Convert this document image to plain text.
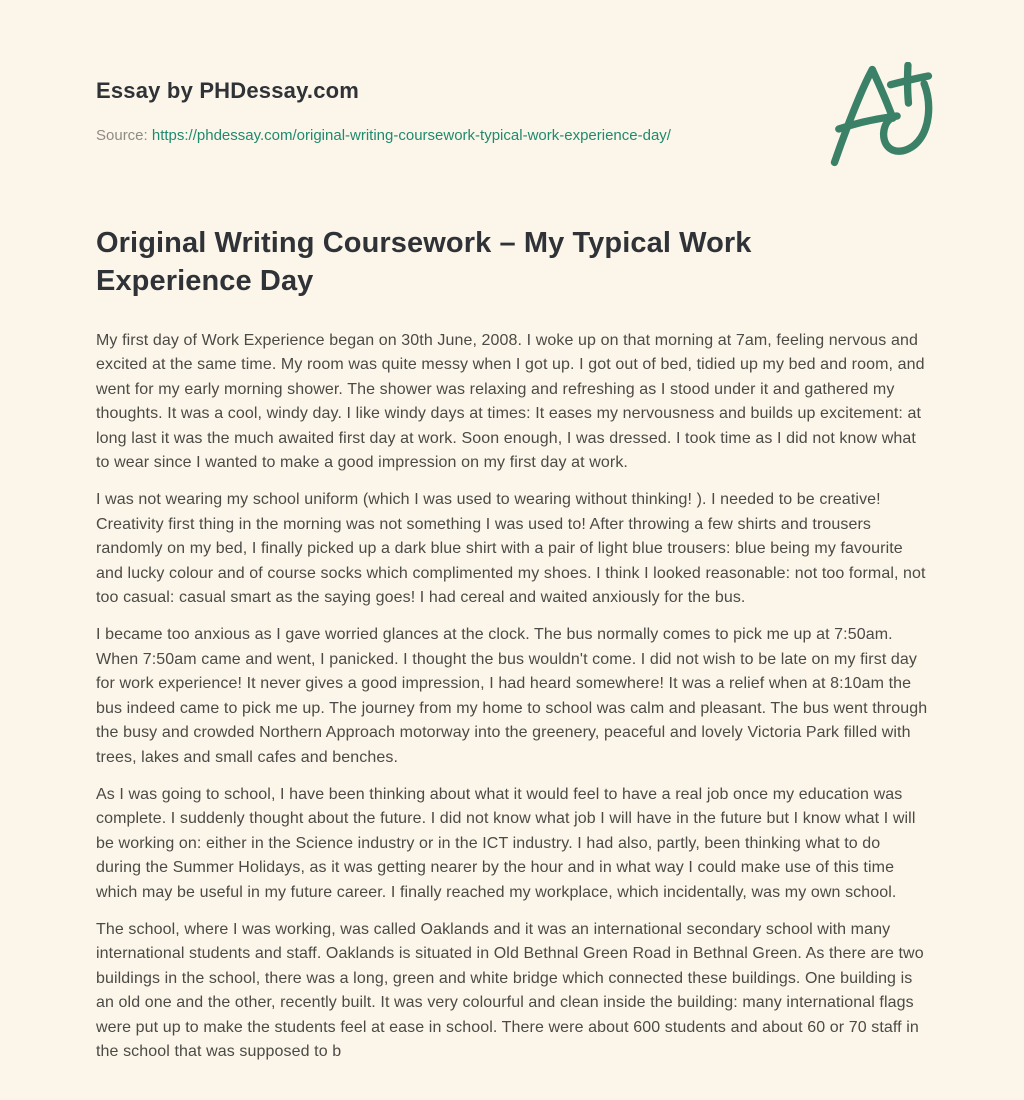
Essay by PHDessay.com
Source: https://phdessay.com/original-writing-coursework-typical-work-experience-day/
Original Writing Coursework – My Typical Work Experience Day

My first day of Work Experience began on 30th June, 2008. I woke up on that morning at 7am, feeling nervous and excited at the same time. My room was quite messy when I got up. I got out of bed, tidied up my bed and room, and went for my early morning shower. The shower was relaxing and refreshing as I stood under it and gathered my thoughts. It was a cool, windy day. I like windy days at times: It eases my nervousness and builds up excitement: at long last it was the much awaited first day at work. Soon enough, I was dressed. I took time as I did not know what to wear since I wanted to make a good impression on my first day at work.

I was not wearing my school uniform (which I was used to wearing without thinking! ). I needed to be creative! Creativity first thing in the morning was not something I was used to! After throwing a few shirts and trousers randomly on my bed, I finally picked up a dark blue shirt with a pair of light blue trousers: blue being my favourite and lucky colour and of course socks which complimented my shoes. I think I looked reasonable: not too formal, not too casual: casual smart as the saying goes! I had cereal and waited anxiously for the bus.

I became too anxious as I gave worried glances at the clock. The bus normally comes to pick me up at 7:50am. When 7:50am came and went, I panicked. I thought the bus wouldn't come. I did not wish to be late on my first day for work experience! It never gives a good impression, I had heard somewhere! It was a relief when at 8:10am the bus indeed came to pick me up. The journey from my home to school was calm and pleasant. The bus went through the busy and crowded Northern Approach motorway into the greenery, peaceful and lovely Victoria Park filled with trees, lakes and small cafes and benches.

As I was going to school, I have been thinking about what it would feel to have a real job once my education was complete. I suddenly thought about the future. I did not know what job I will have in the future but I know what I will be working on: either in the Science industry or in the ICT industry. I had also, partly, been thinking what to do during the Summer Holidays, as it was getting nearer by the hour and in what way I could make use of this time which may be useful in my future career. I finally reached my workplace, which incidentally, was my own school.

The school, where I was working, was called Oaklands and it was an international secondary school with many international students and staff. Oaklands is situated in Old Bethnal Green Road in Bethnal Green. As there are two buildings in the school, there was a long, green and white bridge which connected these buildings. One building is an old one and the other, recently built. It was very colourful and clean inside the building: many international flags were put up to make the students feel at ease in school. There were about 600 students and about 60 or 70 staff in the school that was supposed to b
